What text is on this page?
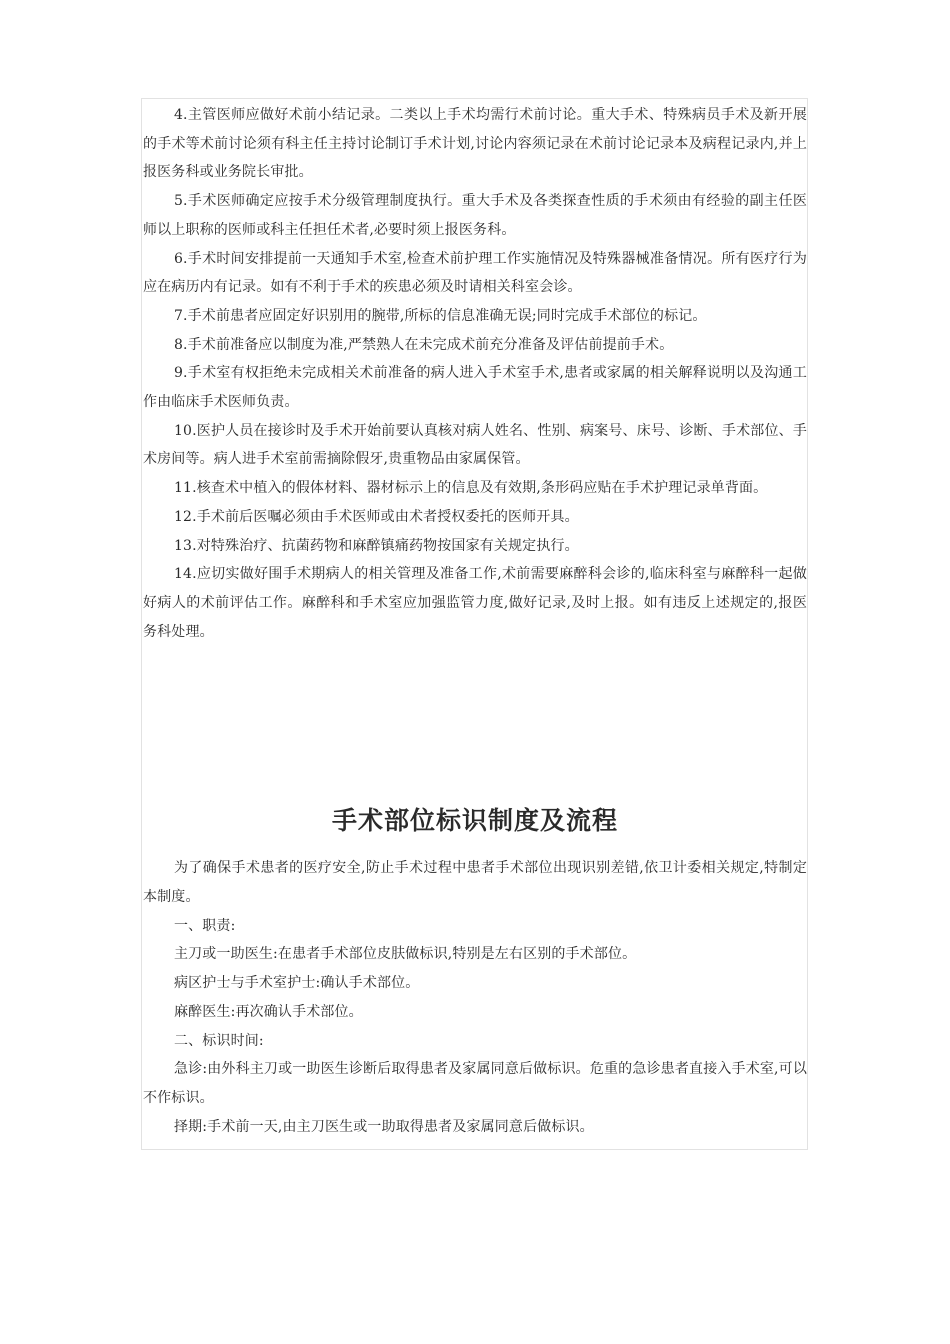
4.主管医师应做好术前小结记录。二类以上手术均需行术前讨论。重大手术、特殊病员手术及新开展的手术等术前讨论须有科主任主持讨论制订手术计划,讨论内容须记录在术前讨论记录本及病程记录内,并上报医务科或业务院长审批。

5.手术医师确定应按手术分级管理制度执行。重大手术及各类探查性质的手术须由有经验的副主任医师以上职称的医师或科主任担任术者,必要时须上报医务科。

6.手术时间安排提前一天通知手术室,检查术前护理工作实施情况及特殊器械准备情况。所有医疗行为应在病历内有记录。如有不利于手术的疾患必须及时请相关科室会诊。

7.手术前患者应固定好识别用的腕带,所标的信息准确无误;同时完成手术部位的标记。

8.手术前准备应以制度为准,严禁熟人在未完成术前充分准备及评估前提前手术。

9.手术室有权拒绝未完成相关术前准备的病人进入手术室手术,患者或家属的相关解释说明以及沟通工作由临床手术医师负责。

10.医护人员在接诊时及手术开始前要认真核对病人姓名、性别、病案号、床号、诊断、手术部位、手术房间等。病人进手术室前需摘除假牙,贵重物品由家属保管。

11.核查术中植入的假体材料、器材标示上的信息及有效期,条形码应贴在手术护理记录单背面。

12.手术前后医嘱必须由手术医师或由术者授权委托的医师开具。

13.对特殊治疗、抗菌药物和麻醉镇痛药物按国家有关规定执行。

14.应切实做好围手术期病人的相关管理及准备工作,术前需要麻醉科会诊的,临床科室与麻醉科一起做好病人的术前评估工作。麻醉科和手术室应加强监管力度,做好记录,及时上报。如有违反上述规定的,报医务科处理。

手术部位标识制度及流程

为了确保手术患者的医疗安全,防止手术过程中患者手术部位出现识别差错,依卫计委相关规定,特制定本制度。

一、职责:

主刀或一助医生:在患者手术部位皮肤做标识,特别是左右区别的手术部位。

病区护士与手术室护士:确认手术部位。

麻醉医生:再次确认手术部位。

二、标识时间:

急诊:由外科主刀或一助医生诊断后取得患者及家属同意后做标识。危重的急诊患者直接入手术室,可以不作标识。

择期:手术前一天,由主刀医生或一助取得患者及家属同意后做标识。
